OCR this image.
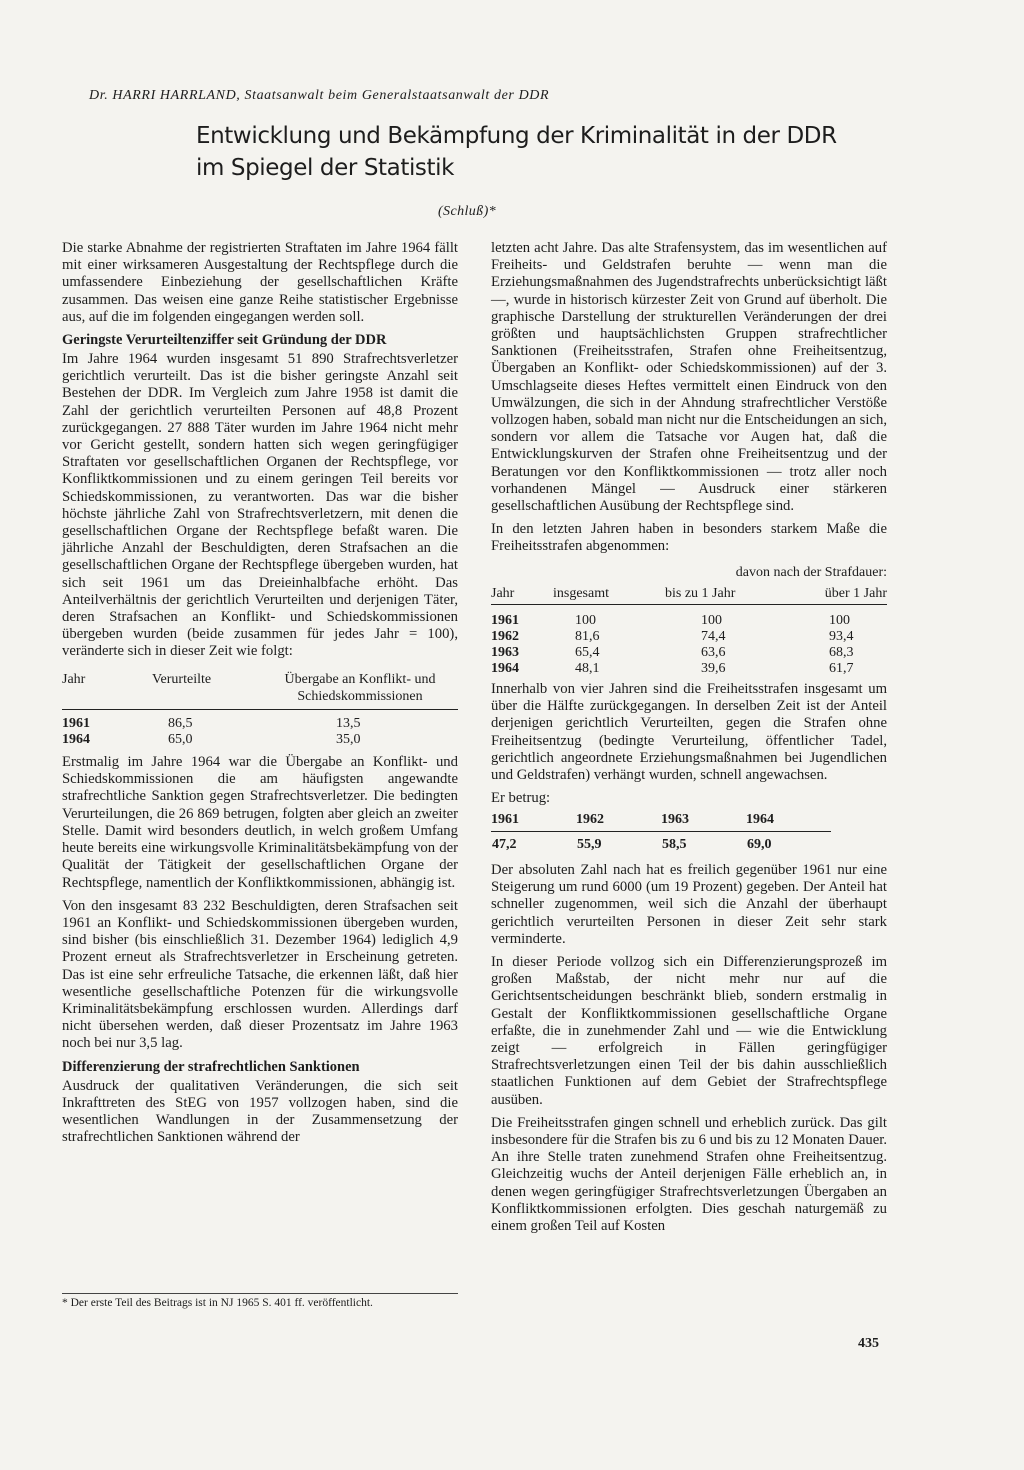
Dr. HARRI HARRLAND, Staatsanwalt beim Generalstaatsanwalt der DDR
Entwicklung und Bekämpfung der Kriminalität in der DDR
im Spiegel der Statistik
(Schluß)*

Die starke Abnahme der registrierten Straftaten im Jahre 1964 fällt mit einer wirksameren Ausgestaltung der Rechtspflege durch die umfassendere Einbeziehung der gesellschaftlichen Kräfte zusammen. Das weisen eine ganze Reihe statistischer Ergebnisse aus, auf die im folgenden eingegangen werden soll.

Geringste Verurteiltenziffer seit Gründung der DDR

Im Jahre 1964 wurden insgesamt 51 890 Strafrechtsverletzer gerichtlich verurteilt. Das ist die bisher geringste Anzahl seit Bestehen der DDR. Im Vergleich zum Jahre 1958 ist damit die Zahl der gerichtlich verurteilten Personen auf 48,8 Prozent zurückgegangen. 27 888 Täter wurden im Jahre 1964 nicht mehr vor Gericht gestellt, sondern hatten sich wegen geringfügiger Straftaten vor gesellschaftlichen Organen der Rechtspflege, vor Konfliktkommissionen und zu einem geringen Teil bereits vor Schiedskommissionen, zu verantworten. Das war die bisher höchste jährliche Zahl von Strafrechtsverletzern, mit denen die gesellschaftlichen Organe der Rechtspflege befaßt waren. Die jährliche Anzahl der Beschuldigten, deren Strafsachen an die gesellschaftlichen Organe der Rechtspflege übergeben wurden, hat sich seit 1961 um das Dreieinhalbfache erhöht. Das Anteilverhältnis der gerichtlich Verurteilten und derjenigen Täter, deren Strafsachen an Konflikt- und Schiedskommissionen übergeben wurden (beide zusammen für jedes Jahr = 100), veränderte sich in dieser Zeit wie folgt:

Jahr	Verurteilte	Übergabe an Konflikt- und Schiedskommissionen
1961	86,5	13,5
1964	65,0	35,0

Erstmalig im Jahre 1964 war die Übergabe an Konflikt- und Schiedskommissionen die am häufigsten angewandte strafrechtliche Sanktion gegen Strafrechtsverletzer. Die bedingten Verurteilungen, die 26 869 betrugen, folgten aber gleich an zweiter Stelle. Damit wird besonders deutlich, in welch großem Umfang heute bereits eine wirkungsvolle Kriminalitätsbekämpfung von der Qualität der Tätigkeit der gesellschaftlichen Organe der Rechtspflege, namentlich der Konfliktkommissionen, abhängig ist.

Von den insgesamt 83 232 Beschuldigten, deren Strafsachen seit 1961 an Konflikt- und Schiedskommissionen übergeben wurden, sind bisher (bis einschließlich 31. Dezember 1964) lediglich 4,9 Prozent erneut als Strafrechtsverletzer in Erscheinung getreten. Das ist eine sehr erfreuliche Tatsache, die erkennen läßt, daß hier wesentliche gesellschaftliche Potenzen für die wirkungsvolle Kriminalitätsbekämpfung erschlossen wurden. Allerdings darf nicht übersehen werden, daß dieser Prozentsatz im Jahre 1963 noch bei nur 3,5 lag.

Differenzierung der strafrechtlichen Sanktionen

Ausdruck der qualitativen Veränderungen, die sich seit Inkrafttreten des StEG von 1957 vollzogen haben, sind die wesentlichen Wandlungen in der Zusammensetzung der strafrechtlichen Sanktionen während der

* Der erste Teil des Beitrags ist in NJ 1965 S. 401 ff. veröffentlicht.

letzten acht Jahre. Das alte Strafensystem, das im wesentlichen auf Freiheits- und Geldstrafen beruhte — wenn man die Erziehungsmaßnahmen des Jugendstrafrechts unberücksichtigt läßt —, wurde in historisch kürzester Zeit von Grund auf überholt. Die graphische Darstellung der strukturellen Veränderungen der drei größten und hauptsächlichsten Gruppen strafrechtlicher Sanktionen (Freiheitsstrafen, Strafen ohne Freiheitsentzug, Übergaben an Konflikt- oder Schiedskommissionen) auf der 3. Umschlagseite dieses Heftes vermittelt einen Eindruck von den Umwälzungen, die sich in der Ahndung strafrechtlicher Verstöße vollzogen haben, sobald man nicht nur die Entscheidungen an sich, sondern vor allem die Tatsache vor Augen hat, daß die Entwicklungskurven der Strafen ohne Freiheitsentzug und der Beratungen vor den Konfliktkommissionen — trotz aller noch vorhandenen Mängel — Ausdruck einer stärkeren gesellschaftlichen Ausübung der Rechtspflege sind.

In den letzten Jahren haben in besonders starkem Maße die Freiheitsstrafen abgenommen:

		davon nach der Strafdauer:	
Jahr	insgesamt	bis zu 1 Jahr	über 1 Jahr
1961	100	100	100
1962	81,6	74,4	93,4
1963	65,4	63,6	68,3
1964	48,1	39,6	61,7

Innerhalb von vier Jahren sind die Freiheitsstrafen insgesamt um über die Hälfte zurückgegangen. In derselben Zeit ist der Anteil derjenigen gerichtlich Verurteilten, gegen die Strafen ohne Freiheitsentzug (bedingte Verurteilung, öffentlicher Tadel, gerichtlich angeordnete Erziehungsmaßnahmen bei Jugendlichen und Geldstrafen) verhängt wurden, schnell angewachsen.

Er betrug:

1961	1962	1963	1964
47,2	55,9	58,5	69,0

Der absoluten Zahl nach hat es freilich gegenüber 1961 nur eine Steigerung um rund 6000 (um 19 Prozent) gegeben. Der Anteil hat schneller zugenommen, weil sich die Anzahl der überhaupt gerichtlich verurteilten Personen in dieser Zeit sehr stark verminderte.

In dieser Periode vollzog sich ein Differenzierungsprozeß im großen Maßstab, der nicht mehr nur auf die Gerichtsentscheidungen beschränkt blieb, sondern erstmalig in Gestalt der Konfliktkommissionen gesellschaftliche Organe erfaßte, die in zunehmender Zahl und — wie die Entwicklung zeigt — erfolgreich in Fällen geringfügiger Strafrechtsverletzungen einen Teil der bis dahin ausschließlich staatlichen Funktionen auf dem Gebiet der Strafrechtspflege ausüben.

Die Freiheitsstrafen gingen schnell und erheblich zurück. Das gilt insbesondere für die Strafen bis zu 6 und bis zu 12 Monaten Dauer. An ihre Stelle traten zunehmend Strafen ohne Freiheitsentzug. Gleichzeitig wuchs der Anteil derjenigen Fälle erheblich an, in denen wegen geringfügiger Strafrechtsverletzungen Übergaben an Konfliktkommissionen erfolgten. Dies geschah naturgemäß zu einem großen Teil auf Kosten

435
